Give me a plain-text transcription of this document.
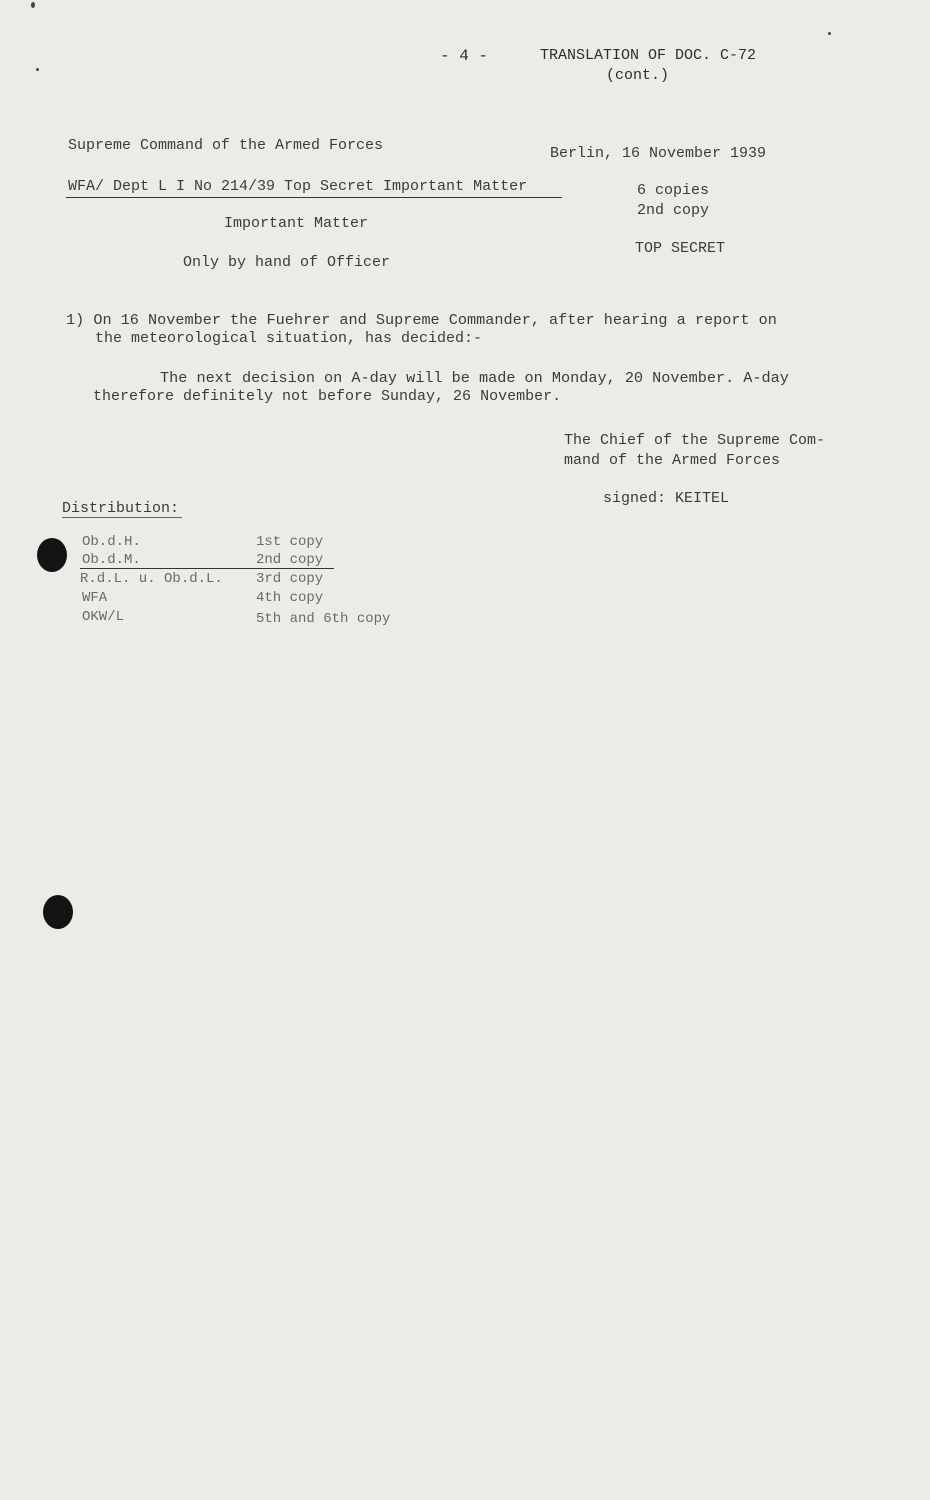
- 4 -	TRANSLATION OF DOC. C-72
(cont.)
Supreme Command of the Armed Forces
WFA/ Dept L I No 214/39 Top Secret Important Matter
Important Matter
Only by hand of Officer
Berlin, 16 November 1939
6 copies
2nd copy
TOP SECRET
1) On 16 November the Fuehrer and Supreme Commander, after hearing a report on
the meteorological situation, has decided:-
The next decision on A-day will be made on Monday, 20 November. A-day
therefore definitely not before Sunday, 26 November.
The Chief of the Supreme Com-
mand of the Armed Forces
signed: KEITEL
Distribution:
Ob.d.H.	1st copy
Ob.d.M.	2nd copy
R.d.L. u. Ob.d.L. 3rd copy
WFA	4th copy
OKW/L	5th and 6th copy
